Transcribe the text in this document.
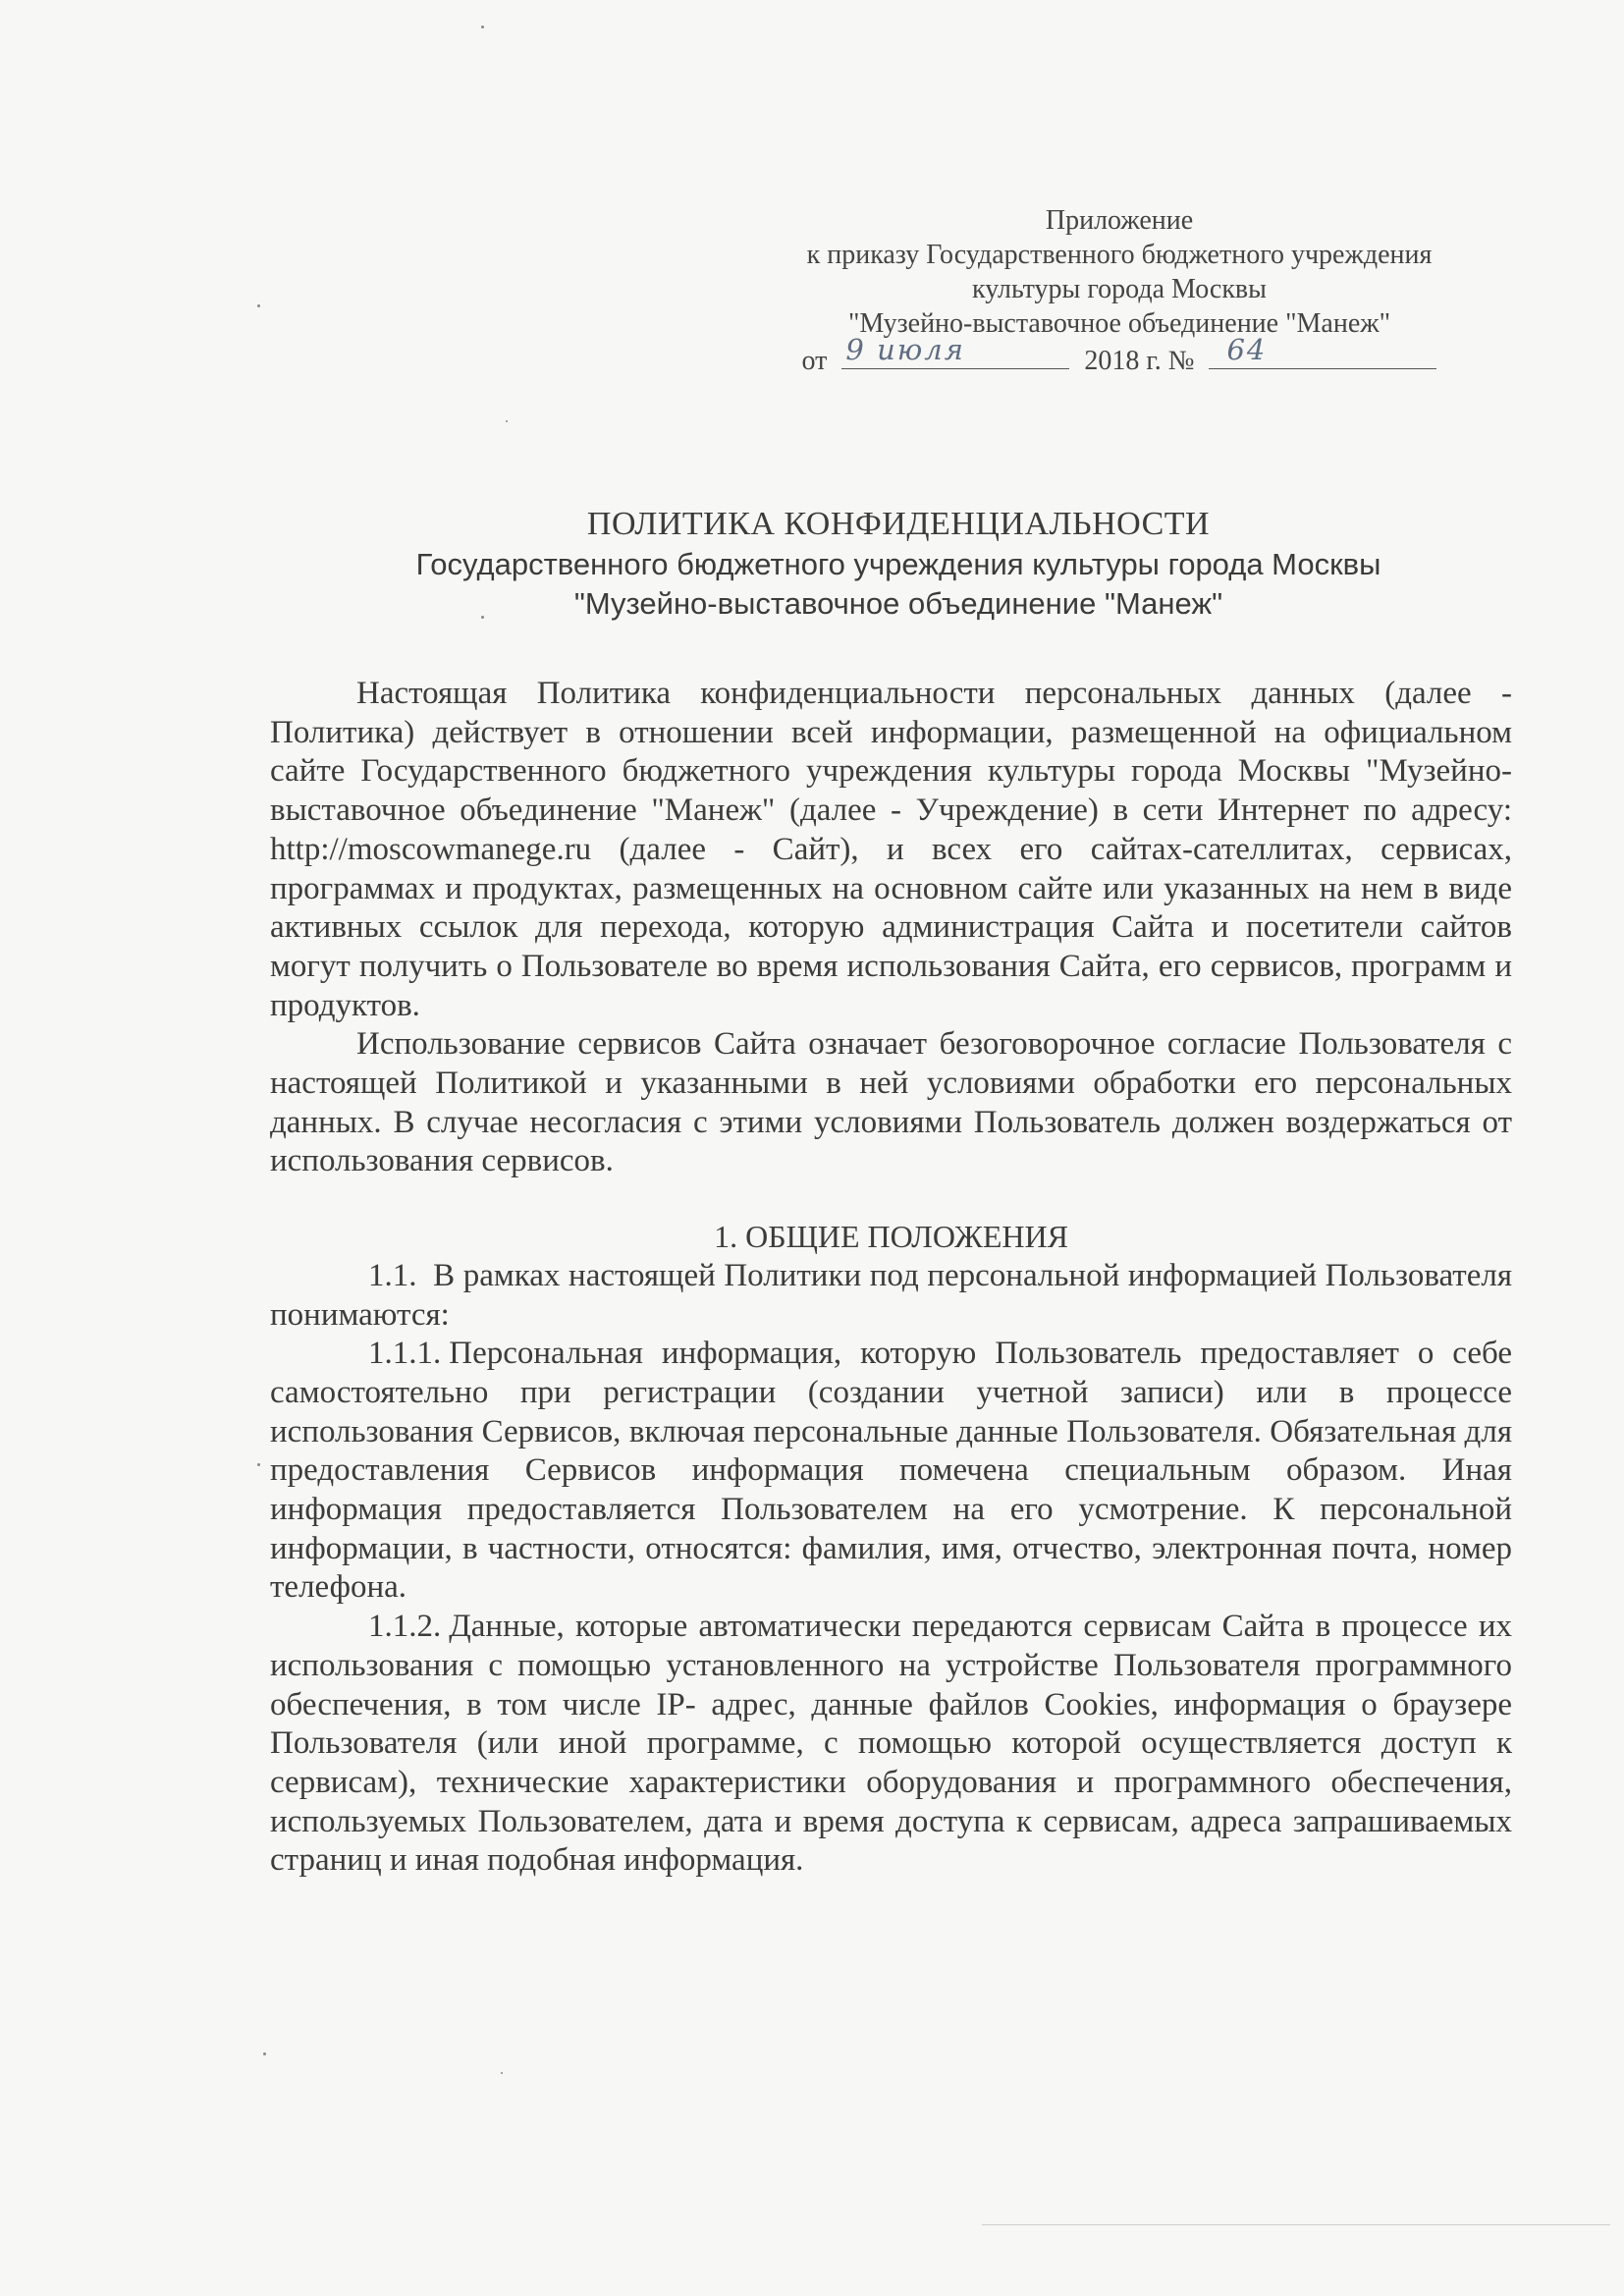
Приложение
к приказу Государственного бюджетного учреждения
культуры города Москвы
"Музейно-выставочное объединение "Манеж"
от 9 июля	2018 г. № 64
ПОЛИТИКА КОНФИДЕНЦИАЛЬНОСТИ
Государственного бюджетного учреждения культуры города Москвы
"Музейно-выставочное объединение "Манеж"

Настоящая Политика конфиденциальности персональных данных (далее - Политика) действует в отношении всей информации, размещенной на официальном сайте Государственного бюджетного учреждения культуры города Москвы "Музейно-выставочное объединение "Манеж" (далее - Учреждение) в сети Интернет по адресу: http://moscowmanege.ru (далее - Сайт), и всех его сайтах-сателлитах, сервисах, программах и продуктах, размещенных на основном сайте или указанных на нем в виде активных ссылок для перехода, которую администрация Сайта и посетители сайтов могут получить о Пользователе во время использования Сайта, его сервисов, программ и продуктов.

Использование сервисов Сайта означает безоговорочное согласие Пользователя с настоящей Политикой и указанными в ней условиями обработки его персональных данных. В случае несогласия с этими условиями Пользователь должен воздержаться от использования сервисов.

1. ОБЩИЕ ПОЛОЖЕНИЯ

1.1. В рамках настоящей Политики под персональной информацией Пользователя понимаются:

1.1.1. Персональная информация, которую Пользователь предоставляет о себе самостоятельно при регистрации (создании учетной записи) или в процессе использования Сервисов, включая персональные данные Пользователя. Обязательная для предоставления Сервисов информация помечена специальным образом. Иная информация предоставляется Пользователем на его усмотрение. К персональной информации, в частности, относятся: фамилия, имя, отчество, электронная почта, номер телефона.

1.1.2. Данные, которые автоматически передаются сервисам Сайта в процессе их использования с помощью установленного на устройстве Пользователя программного обеспечения, в том числе IP- адрес, данные файлов Cookies, информация о браузере Пользователя (или иной программе, с помощью которой осуществляется доступ к сервисам), технические характеристики оборудования и программного обеспечения, используемых Пользователем, дата и время доступа к сервисам, адреса запрашиваемых страниц и иная подобная информация.
